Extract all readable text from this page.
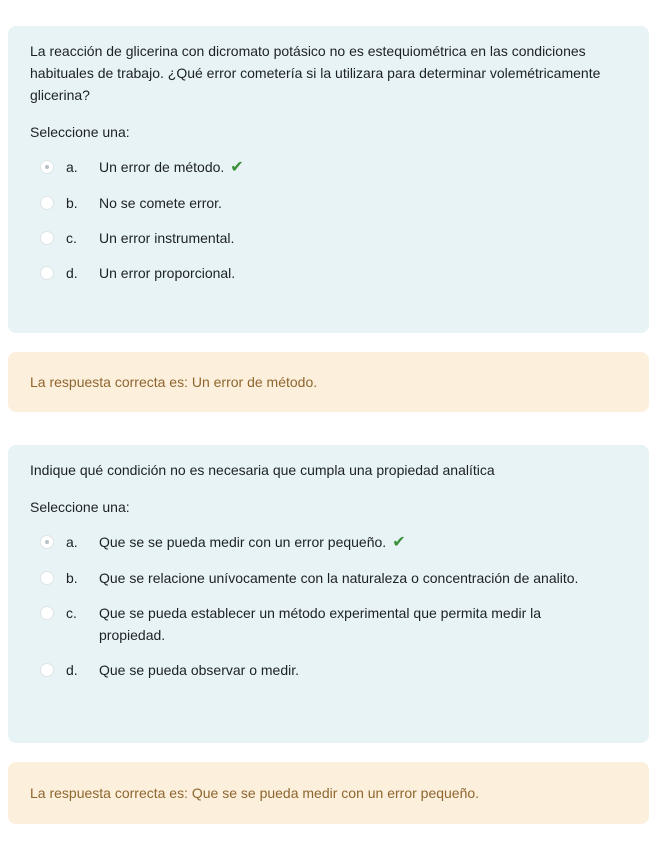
La reacción de glicerina con dicromato potásico no es estequiométrica en las condiciones habituales de trabajo. ¿Qué error cometería si la utilizara para determinar volemétricamente glicerina?

Seleccione una:
a.	Un error de método. ✔
b.	No se comete error.
c.	Un error instrumental.
d.	Un error proporcional.
La respuesta correcta es: Un error de método.

Indique qué condición no es necesaria que cumpla una propiedad analítica

Seleccione una:
a.	Que se se pueda medir con un error pequeño. ✔
b.	Que se relacione unívocamente con la naturaleza o concentración de analito.
c.	Que se pueda establecer un método experimental que permita medir la propiedad.
d.	Que se pueda observar o medir.
La respuesta correcta es: Que se se pueda medir con un error pequeño.
